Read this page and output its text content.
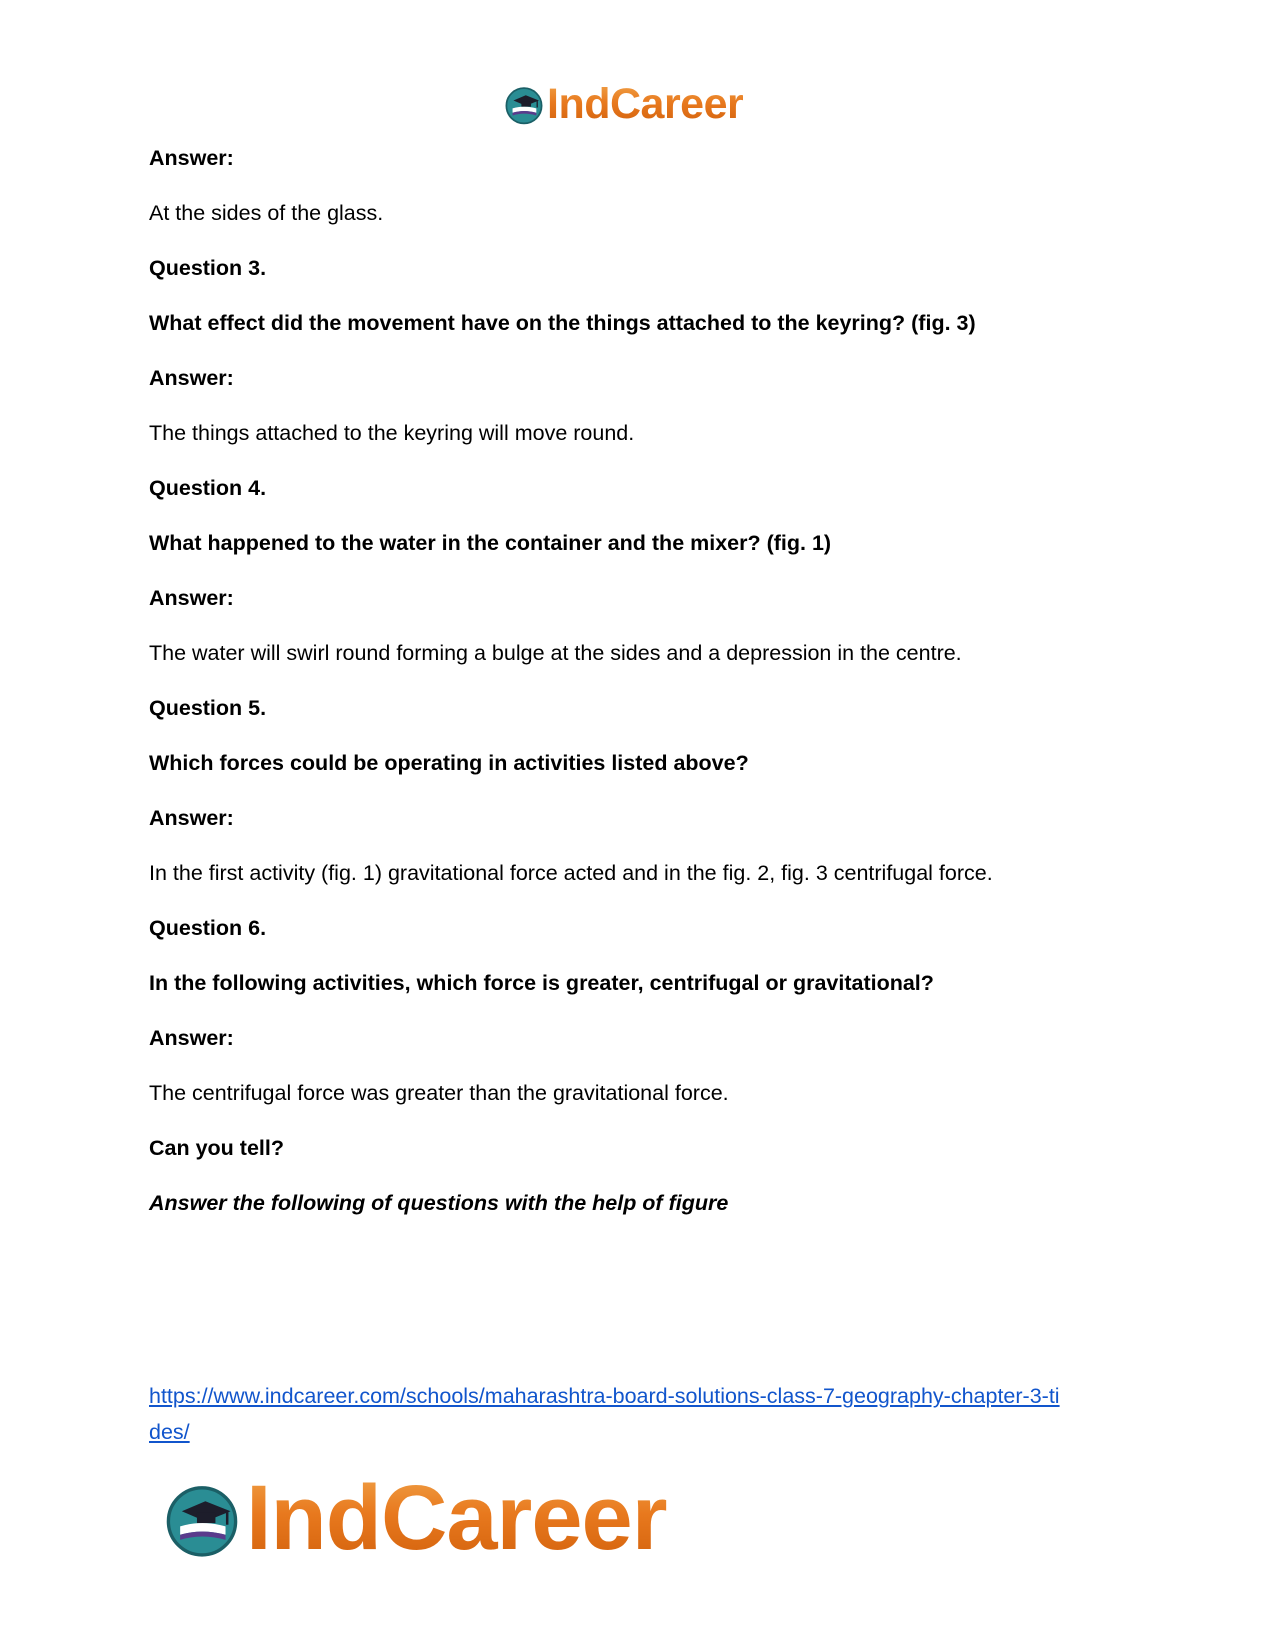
IndCareer

Answer:

At the sides of the glass.

Question 3.

What effect did the movement have on the things attached to the keyring? (fig. 3)

Answer:

The things attached to the keyring will move round.

Question 4.

What happened to the water in the container and the mixer? (fig. 1)

Answer:

The water will swirl round forming a bulge at the sides and a depression in the centre.

Question 5.

Which forces could be operating in activities listed above?

Answer:

In the first activity (fig. 1) gravitational force acted and in the fig. 2, fig. 3 centrifugal force.

Question 6.

In the following activities, which force is greater, centrifugal or gravitational?

Answer:

The centrifugal force was greater than the gravitational force.

Can you tell?

Answer the following of questions with the help of figure

https://www.indcareer.com/schools/maharashtra-board-solutions-class-7-geography-chapter-3-ti
des/
IndCareer
